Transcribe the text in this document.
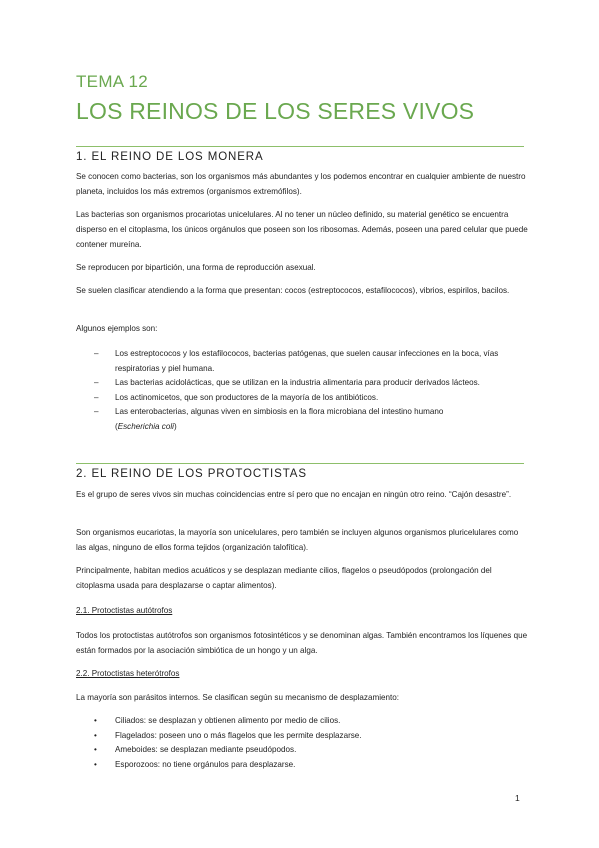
TEMA 12
LOS REINOS DE LOS SERES VIVOS
1. EL REINO DE LOS MONERA
Se conocen como bacterias, son los organismos más abundantes y los podemos encontrar en cualquier ambiente de nuestro planeta, incluidos los más extremos (organismos extremófilos).
Las bacterias son organismos procariotas unicelulares. Al no tener un núcleo definido, su material genético se encuentra disperso en el citoplasma, los únicos orgánulos que poseen son los ribosomas. Además, poseen una pared celular que puede contener mureína.
Se reproducen por bipartición, una forma de reproducción asexual.
Se suelen clasificar atendiendo a la forma que presentan: cocos (estreptococos, estafilococos), vibrios, espirilos, bacilos.
Algunos ejemplos son:
– Los estreptococos y los estafilococos, bacterias patógenas, que suelen causar infecciones en la boca, vías respiratorias y piel humana.
– Las bacterias acidolácticas, que se utilizan en la industria alimentaria para producir derivados lácteos.
– Los actinomicetos, que son productores de la mayoría de los antibióticos.
– Las enterobacterias, algunas viven en simbiosis en la flora microbiana del intestino humano
(Escherichia coli)
2. EL REINO DE LOS PROTOCTISTAS
Es el grupo de seres vivos sin muchas coincidencias entre sí pero que no encajan en ningún otro reino. “Cajón desastre”.
Son organismos eucariotas, la mayoría son unicelulares, pero también se incluyen algunos organismos pluricelulares como las algas, ninguno de ellos forma tejidos (organización talofítica).
Principalmente, habitan medios acuáticos y se desplazan mediante cilios, flagelos o pseudópodos (prolongación del citoplasma usada para desplazarse o captar alimentos).
2.1. Protoctistas autótrofos
Todos los protoctistas autótrofos son organismos fotosintéticos y se denominan algas. También encontramos los líquenes que están formados por la asociación simbiótica de un hongo y un alga.
2.2. Protoctistas heterótrofos
La mayoría son parásitos internos. Se clasifican según su mecanismo de desplazamiento:
• Ciliados: se desplazan y obtienen alimento por medio de cilios.
• Flagelados: poseen uno o más flagelos que les permite desplazarse.
• Ameboides: se desplazan mediante pseudópodos.
• Esporozoos: no tiene orgánulos para desplazarse.
1
